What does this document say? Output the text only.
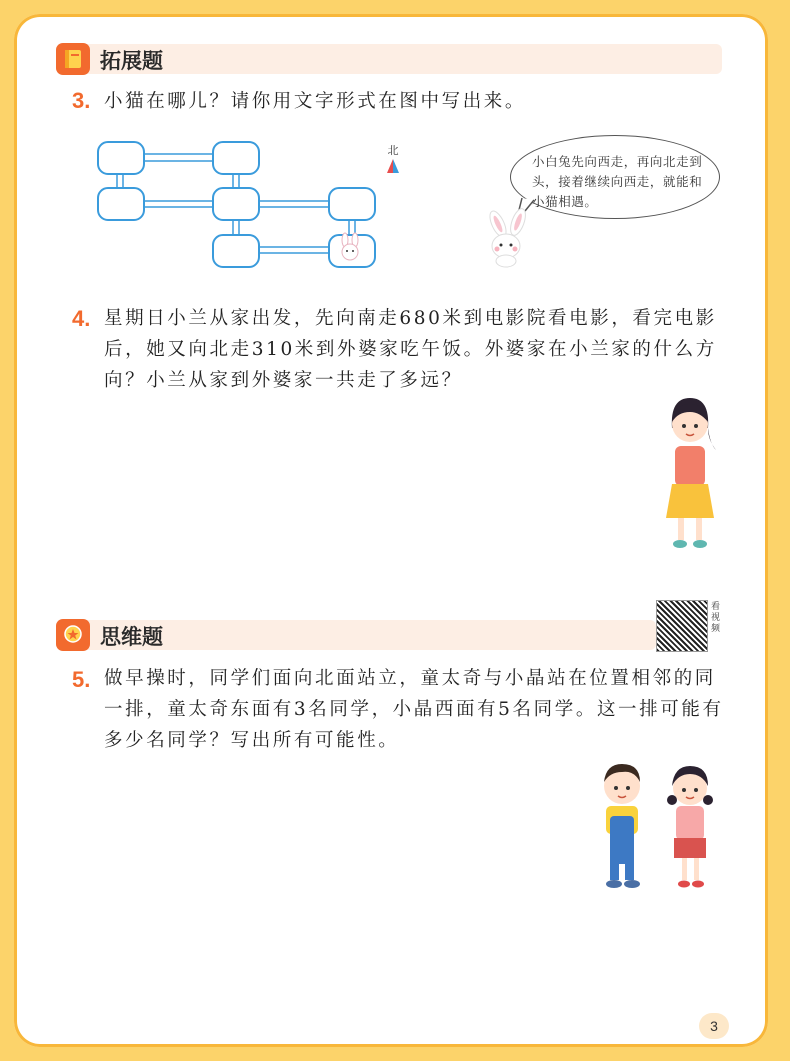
拓展题
3. 小猫在哪儿？请你用文字形式在图中写出来。
北
小白兔先向西走，再向北走到头，接着继续向西走，就能和小猫相遇。
4. 星期日小兰从家出发，先向南走680米到电影院看电影，看完电影后，她又向北走310米到外婆家吃午饭。外婆家在小兰家的什么方向？小兰从家到外婆家一共走了多远？
思维题
看视频
5. 做早操时，同学们面向北面站立，童太奇与小晶站在位置相邻的同一排，童太奇东面有3名同学，小晶西面有5名同学。这一排可能有多少名同学？写出所有可能性。
3
